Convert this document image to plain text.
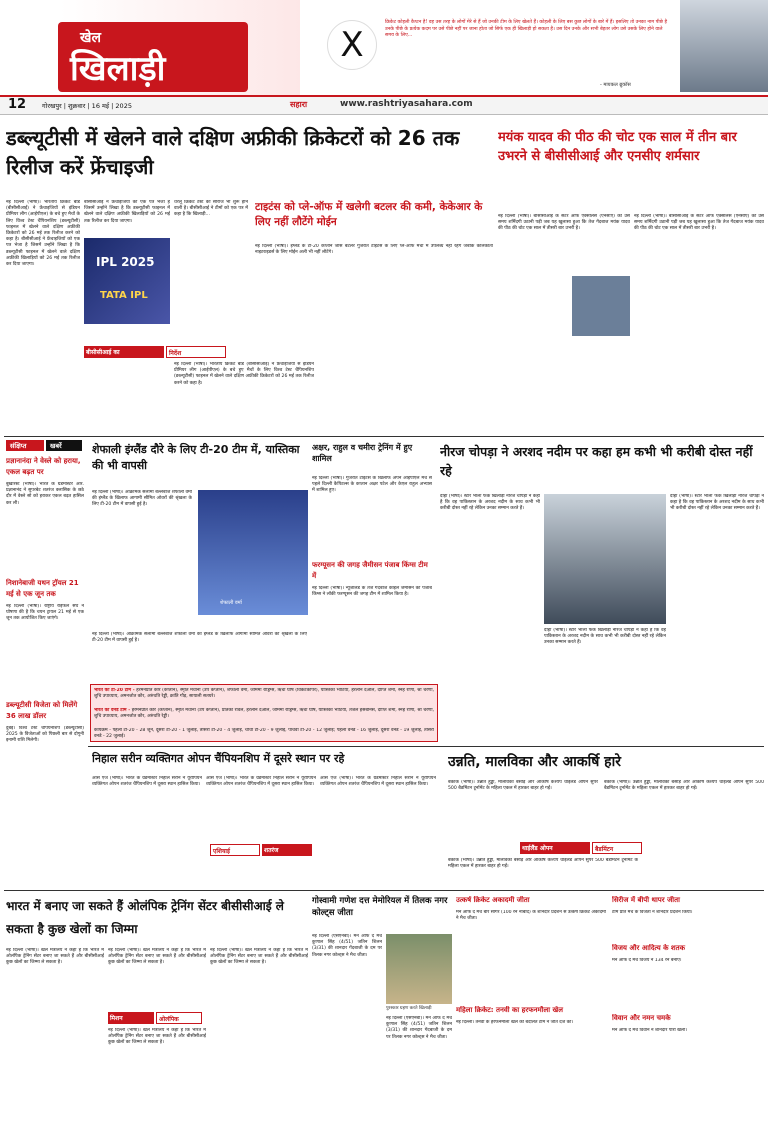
खेल
खिलाड़ी
X
क्रिकेट कोहली कैप्टन है! वह उस तरह के लोगों मेरे से हैं जो उनकी टीम के लिए खेलते हैं। कोहली के लिए बस कुछ लोगों के बारे में हैं। इसलिए तो उनका नाम पीछे है उनके पीछे के प्रत्येक कदम पर उसे पीछे नहीं पर जाना होता जो सिर्फ एक ही खिलाड़ी हो सकता है। उस दिन उनके और सभी बेहतर लोग उसे उसके लिए होने वाले समय के लिए...
- मायकल ब्रुकॉस
12 गोरखपुर | शुक्रवार | 16 मई | 2025	सहारा	www.rashtriyasahara.com
डब्ल्यूटीसी में खेलने वाले दक्षिण अफ्रीकी क्रिकेटरों को 26 तक रिलीज करें फ्रेंचाइजी
नई दिल्ली (भाषा)। भारतीय क्रिकेट बोर्ड (बीसीसीआई) ने फ्रेंचाइजियों से इंडियन प्रीमियर लीग (आईपीएल) के बचे हुए मैचों के लिए विश्व टेस्ट चैंपियनशिप (डब्ल्यूटीसी) फाइनल में खेलने वाले दक्षिण अफ्रीकी क्रिकेटरों को 26 मई तक रिलीज करने को कहा है। बीसीसीआई ने फ्रेंचाइजियों को एक पत्र भेजा है जिसमें उन्होंने लिखा है कि डब्ल्यूटीसी फाइनल में खेलने वाले दक्षिण अफ्रीकी खिलाड़ियों को 26 मई तक रिलीज कर दिया जाएगा।	IPL 2025
TATA IPL
बीसीसीआई का	निर्देश
बीसीसीआई ने फ्रेंचाइजियों को एक पत्र भेजा है जिसमें उन्होंने लिखा है कि डब्ल्यूटीसी फाइनल में खेलने वाले दक्षिण अफ्रीकी खिलाड़ियों को 26 मई तक रिलीज कर दिया जाएगा।
धरेलू क्रिकेट टेस्ट की सीरीज भी शुरू होने वाली है। बीसीसीआई ने टीमों को एक पत्र में कहा है कि खिलाड़ी...
नई दिल्ली (भाषा)। भारतीय क्रिकेट बोर्ड (बीसीसीआई) ने फ्रेंचाइजियों से इंडियन प्रीमियर लीग (आईपीएल) के बचे हुए मैचों के लिए विश्व टेस्ट चैंपियनशिप (डब्ल्यूटीसी) फाइनल में खेलने वाले दक्षिण अफ्रीकी क्रिकेटरों को 26 मई तक रिलीज करने को कहा है।
टाइटंस को प्ले-ऑफ में खलेगी बटलर की कमी, केकेआर के लिए नहीं लौटेंगे मोईन
नई दिल्ली (भाषा)। इंग्लैंड के टी-20 कप्तान जोस बटलर गुजरात टाइटंस के लिए प्ले-ऑफ मैचों में उपलब्ध नहीं रहेंगे जबकि कोलकाता नाइटराइडर्स के लिए मोईन अली भी नहीं लौटेंगे।
मयंक यादव की पीठ की चोट एक साल में तीन बार उभरने से बीसीसीआई और एनसीए शर्मसार
नई दिल्ली (भाषा)। बीसीसीआई के सेंटर ऑफ एक्सीलेंस (एनसीए) को उस समय शर्मिंदगी उठानी पड़ी जब यह खुलासा हुआ कि तेज गेंदबाज मयंक यादव की पीठ की चोट एक साल में तीसरी बार उभरी है।
नई दिल्ली (भाषा)। बीसीसीआई के सेंटर ऑफ एक्सीलेंस (एनसीए) को उस समय शर्मिंदगी उठानी पड़ी जब यह खुलासा हुआ कि तेज गेंदबाज मयंक यादव की पीठ की चोट एक साल में तीसरी बार उभरी है।
संक्षिप्त	खबरें
प्रज्ञानानंदा ने वेस्ले को हराया, एकल बढ़त पर
बुखारेस्ट (भाषा)। भारत के ग्रैंडमास्टर आर. प्रज्ञानानंद ने सुपरबेट शतरंज क्लासिक के छठे दौर में वेस्ले सो को हराकर एकल बढ़त हासिल कर ली।
निशानेबाजी यथन ट्रॉयल 21 मई से एक जून तक
नई दिल्ली (भाषा)। राष्ट्रीय राइफल संघ ने घोषणा की है कि चयन ट्रायल 21 मई से एक जून तक आयोजित किए जाएंगे।
डब्ल्यूटीसी विजेता को मिलेंगे 36 लाख डॉलर
दुबई। विश्व टेस्ट चैंपियनशिप (डब्ल्यूटीसी) 2025 के विजेताओं को पिछली बार से दोगुनी इनामी राशि मिलेगी।
शेफाली इंग्लैंड दौरे के लिए टी-20 टीम में, यास्तिका की भी वापसी
नई दिल्ली (भाषा)। आक्रामक सलामी बल्लेबाज शेफाली वर्मा की इंग्लैंड के खिलाफ आगामी सीमित ओवरों की श्रृंखला के लिए टी-20 टीम में वापसी हुई है।
शेफाली वर्मा
नई दिल्ली (भाषा)। आक्रामक सलामी बल्लेबाज शेफाली वर्मा की इंग्लैंड के खिलाफ आगामी सीमित ओवरों की श्रृंखला के लिए टी-20 टीम में वापसी हुई है।
अक्षर, राहुल व चमीरा ट्रेनिंग में हुए शामिल
नई दिल्ली (भाषा)। गुजरात टाइटंस के खिलाफ अपने आईपीएल मैच से पहले दिल्ली कैपिटल्स के कप्तान अक्षर पटेल और केएल राहुल अभ्यास में शामिल हुए।
फरग्यूसन की जगह जैमीसन पंजाब किंग्स टीम में
नई दिल्ली (भाषा)। न्यूजीलैंड के तेज गेंदबाज काइल जैमीसन को पंजाब किंग्स ने लॉकी फरग्यूसन की जगह टीम में शामिल किया है।
नीरज चोपड़ा ने अरशद नदीम पर कहा हम कभी भी करीबी दोस्त नहीं रहे
दोहा (भाषा)। स्टार भाला फेंक खिलाड़ी नीरज चोपड़ा ने कहा है कि वह पाकिस्तान के अरशद नदीम के साथ कभी भी करीबी दोस्त नहीं रहे लेकिन उनका सम्मान करते हैं।
दोहा (भाषा)। स्टार भाला फेंक खिलाड़ी नीरज चोपड़ा ने कहा है कि वह पाकिस्तान के अरशद नदीम के साथ कभी भी करीबी दोस्त नहीं रहे लेकिन उनका सम्मान करते हैं।
दोहा (भाषा)। स्टार भाला फेंक खिलाड़ी नीरज चोपड़ा ने कहा है कि वह पाकिस्तान के अरशद नदीम के साथ कभी भी करीबी दोस्त नहीं रहे लेकिन उनका सम्मान करते हैं।
भारत की टी-20 टीम - हरमनप्रीत कौर (कप्तान), स्मृति मंधाना (उप कप्तान), शेफाली वर्मा, जेमिमा रोड्रिग्स, ऋचा घोष (विकेटकीपर), यास्तिका भाटिया, हरलीन देओल, दीप्ति शर्मा, स्नेह राणा, श्री चरणी, शुचि उपाध्याय, अमनजोत कौर, अरुंधति रेड्डी, क्रांति गौड़, सायाली सतघरे।
भारत की वनडे टीम - हरमनप्रीत कौर (कप्तान), स्मृति मंधाना (उप कप्तान), प्रतिका रावल, हरलीन देओल, जेमिमा रोड्रिग्स, ऋचा घोष, यास्तिका भाटिया, तेजल हसबनिस, दीप्ति शर्मा, स्नेह राणा, श्री चरणी, शुचि उपाध्याय, अमनजोत कौर, अरुंधति रेड्डी।
कार्यक्रम - पहला टी-20 - 28 जून, दूसरा टी-20 - 1 जुलाई, तीसरा टी-20 - 4 जुलाई, चौथा टी-20 - 9 जुलाई, पांचवां टी-20 - 12 जुलाई; पहला वनडे - 16 जुलाई, दूसरा वनडे - 19 जुलाई, तीसरा वनडे - 22 जुलाई।
निहाल सरीन व्यक्तिगत ओपन चैंपियनशिप में दूसरे स्थान पर रहे
आस एंज (भाषा)। भारत के ग्रैंडमास्टर निहाल सरीन ने यूरोपियन व्यक्तिगत ओपन शतरंज चैंपियनशिप में दूसरा स्थान हासिल किया।
आस एंज (भाषा)। भारत के ग्रैंडमास्टर निहाल सरीन ने यूरोपियन व्यक्तिगत ओपन शतरंज चैंपियनशिप में दूसरा स्थान हासिल किया।
एशियाई	शतरंज
आस एंज (भाषा)। भारत के ग्रैंडमास्टर निहाल सरीन ने यूरोपियन व्यक्तिगत ओपन शतरंज चैंपियनशिप में दूसरा स्थान हासिल किया।
उन्नति, मालविका और आकर्षि हारे
बैंकॉक (भाषा)। उन्नति हुड्डा, मालविका बंसोड़ और आकर्षि कश्यप थाईलैंड ओपन सुपर 500 बैडमिंटन टूर्नामेंट के महिला एकल में हारकर बाहर हो गईं।
थाईलैंड ओपन	बैडमिंटन
बैंकॉक (भाषा)। उन्नति हुड्डा, मालविका बंसोड़ और आकर्षि कश्यप थाईलैंड ओपन सुपर 500 बैडमिंटन टूर्नामेंट के महिला एकल में हारकर बाहर हो गईं।
बैंकॉक (भाषा)। उन्नति हुड्डा, मालविका बंसोड़ और आकर्षि कश्यप थाईलैंड ओपन सुपर 500 बैडमिंटन टूर्नामेंट के महिला एकल में हारकर बाहर हो गईं।
भारत में बनाए जा सकते हैं ओलंपिक ट्रेनिंग सेंटर बीसीसीआई ले सकता है कुछ खेलों का जिम्मा
नई दिल्ली (भाषा)। खेल मंत्रालय ने कहा है कि भारत में ओलंपिक ट्रेनिंग सेंटर बनाए जा सकते हैं और बीसीसीआई कुछ खेलों का जिम्मा ले सकता है।
मिशन	ओलंपिक
नई दिल्ली (भाषा)। खेल मंत्रालय ने कहा है कि भारत में ओलंपिक ट्रेनिंग सेंटर बनाए जा सकते हैं और बीसीसीआई कुछ खेलों का जिम्मा ले सकता है।
नई दिल्ली (भाषा)। खेल मंत्रालय ने कहा है कि भारत में ओलंपिक ट्रेनिंग सेंटर बनाए जा सकते हैं और बीसीसीआई कुछ खेलों का जिम्मा ले सकता है।
नई दिल्ली (भाषा)। खेल मंत्रालय ने कहा है कि भारत में ओलंपिक ट्रेनिंग सेंटर बनाए जा सकते हैं और बीसीसीआई कुछ खेलों का जिम्मा ले सकता है।
गोस्वामी गणेश दत्त मेमोरियल में तिलक नगर कोल्ट्स जीता
नई दिल्ली (एसएनबी)। मैन ऑफ द मैच कुणाल सिंह (4/51) जतिन शिलन (3/31) की शानदार गेंदबाजी के दम पर तिलक नगर कोल्ट्स ने मैच जीता।
पुरस्कार ग्रहण करते खिलाड़ी
नई दिल्ली (एसएनबी)। मैन ऑफ द मैच कुणाल सिंह (4/51) जतिन शिलन (3/31) की शानदार गेंदबाजी के दम पर तिलक नगर कोल्ट्स ने मैच जीता।
उत्कर्ष क्रिकेट अकादमी जीता
मैन ऑफ द मैच बीर सागर (100 रन नाबाद) के शानदार प्रदर्शन से उत्कर्ष क्रिकेट अकादमी ने मैच जीता।
महिला क्रिकेट: तनवी का हरफनमौला खेल
नई दिल्ली। तनवी के हरफनमौला खेल की बदौलत टीम ने जीत दर्ज की।
सिरीज में बीपी थापर जीता
टीम प्रति मैच के विजेता ने शानदार प्रदर्शन किया।
विजय और आदित्य के शतक
मैन ऑफ द मैच विजय ने 134 रन बनाए।
विवान और नमन चमके
मैन ऑफ द मैच विवान ने शानदार पारी खेली।
